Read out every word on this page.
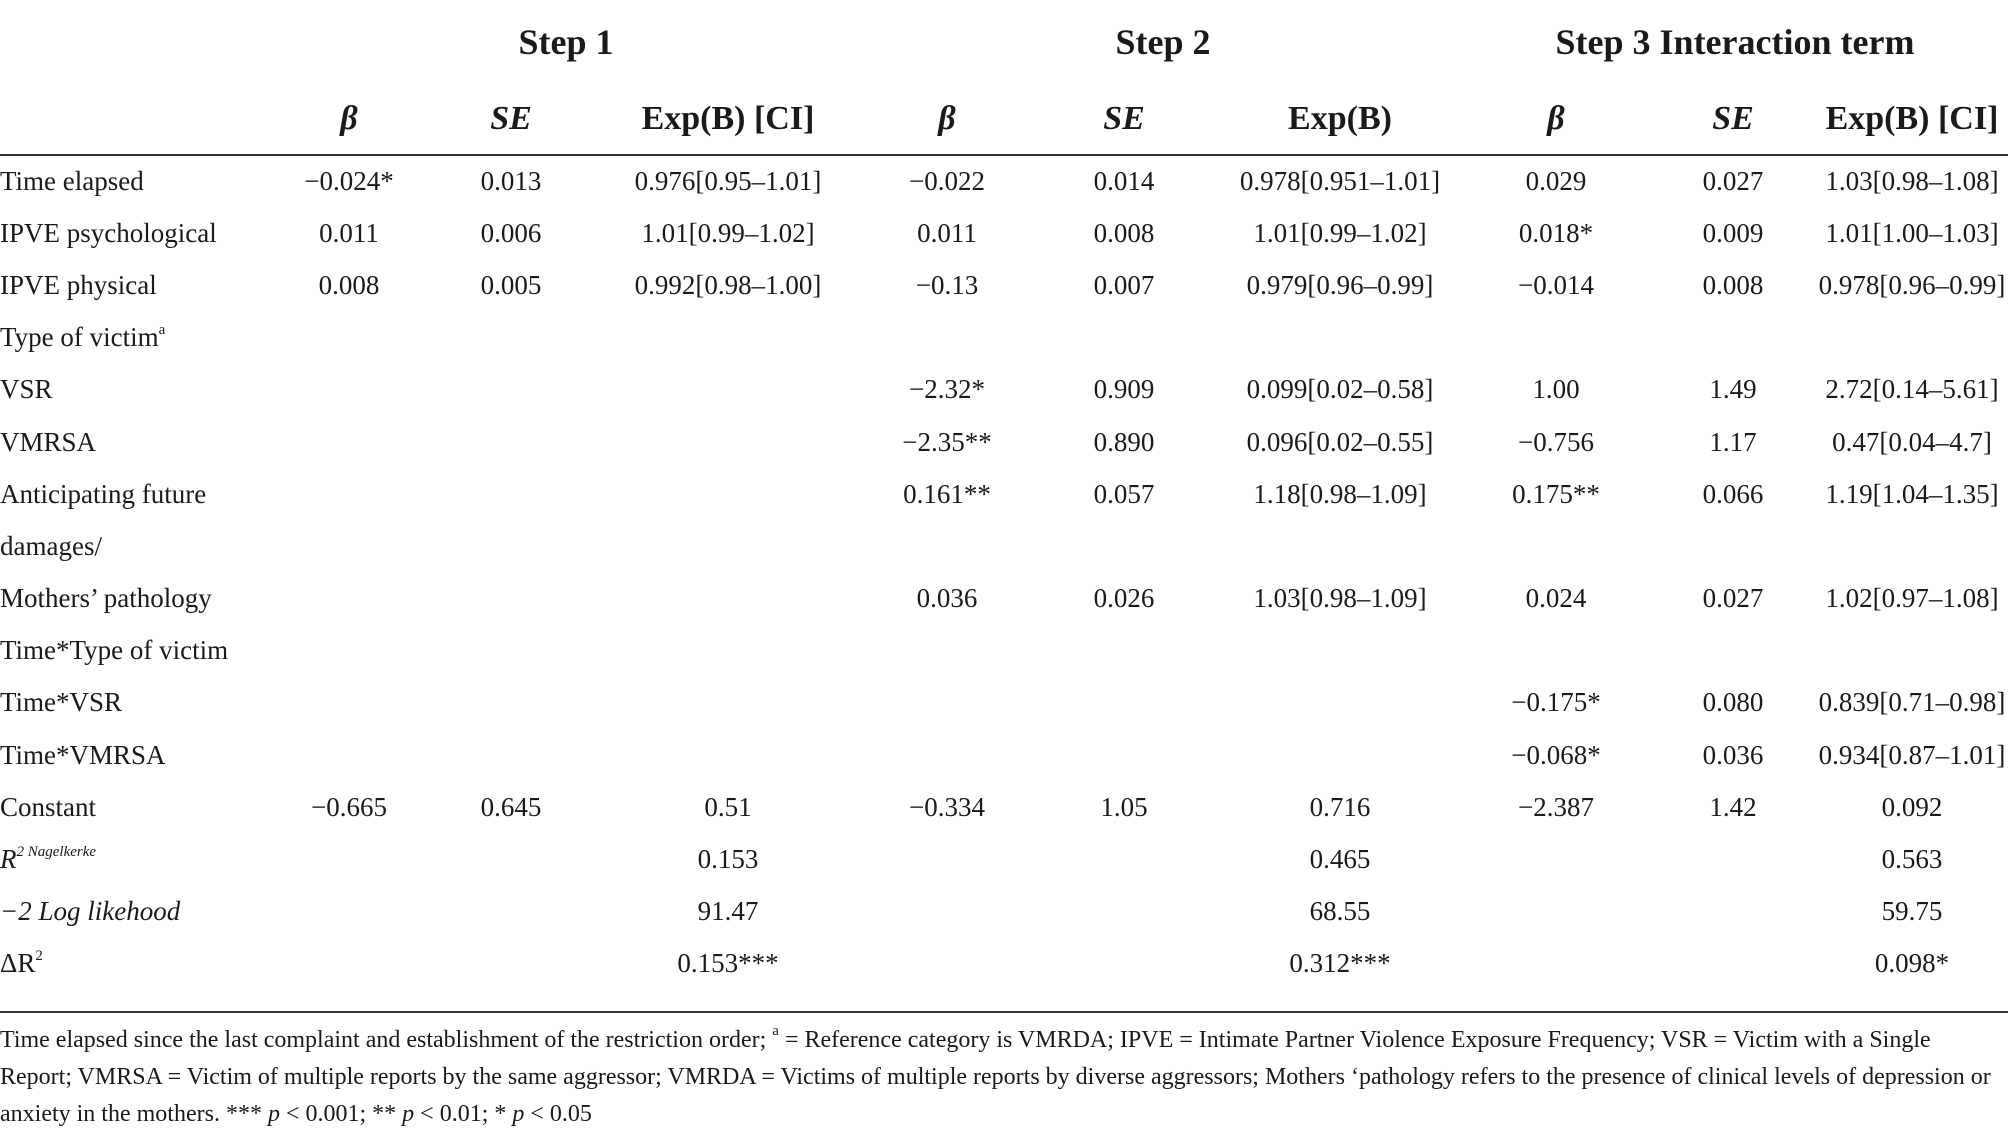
	Step 1			Step 2			Step 3 Interaction term		
	β	SE	Exp(B) [CI]	β	SE	Exp(B)	β	SE	Exp(B) [CI]
Time elapsed	−0.024*	0.013	0.976[0.95–1.01]	−0.022	0.014	0.978[0.951–1.01]	0.029	0.027	1.03[0.98–1.08]
IPVE psychological	0.011	0.006	1.01[0.99–1.02]	0.011	0.008	1.01[0.99–1.02]	0.018*	0.009	1.01[1.00–1.03]
IPVE physical	0.008	0.005	0.992[0.98–1.00]	−0.13	0.007	0.979[0.96–0.99]	−0.014	0.008	0.978[0.96–0.99]
Type of victim$^a$									
VSR				−2.32*	0.909	0.099[0.02–0.58]	1.00	1.49	2.72[0.14–5.61]
VMRSA				−2.35**	0.890	0.096[0.02–0.55]	−0.756	1.17	0.47[0.04–4.7]
Anticipating future				0.161**	0.057	1.18[0.98–1.09]	0.175**	0.066	1.19[1.04–1.35]
damages/									
Mothers’ pathology				0.036	0.026	1.03[0.98–1.09]	0.024	0.027	1.02[0.97–1.08]
Time*Type of victim									
Time*VSR							−0.175*	0.080	0.839[0.71–0.98]
Time*VMRSA							−0.068*	0.036	0.934[0.87–1.01]
Constant	−0.665	0.645	0.51	−0.334	1.05	0.716	−2.387	1.42	0.092
$R^{2 Nagelkerke}$			0.153			0.465			0.563
−2 Log likehood			91.47			68.55			59.75
$\Delta R^2$			0.153***			0.312***			0.098*
Time elapsed since the last complaint and establishment of the restriction order; $^a$ = Reference category is VMRDA; IPVE = Intimate Partner Violence Exposure Frequency; VSR = Victim with a Single Report; VMRSA = Victim of multiple reports by the same aggressor; VMRDA = Victims of multiple reports by diverse aggressors; Mothers ‘pathology refers to the presence of clinical levels of depression or anxiety in the mothers. *** p < 0.001; ** p < 0.01; * p < 0.05
